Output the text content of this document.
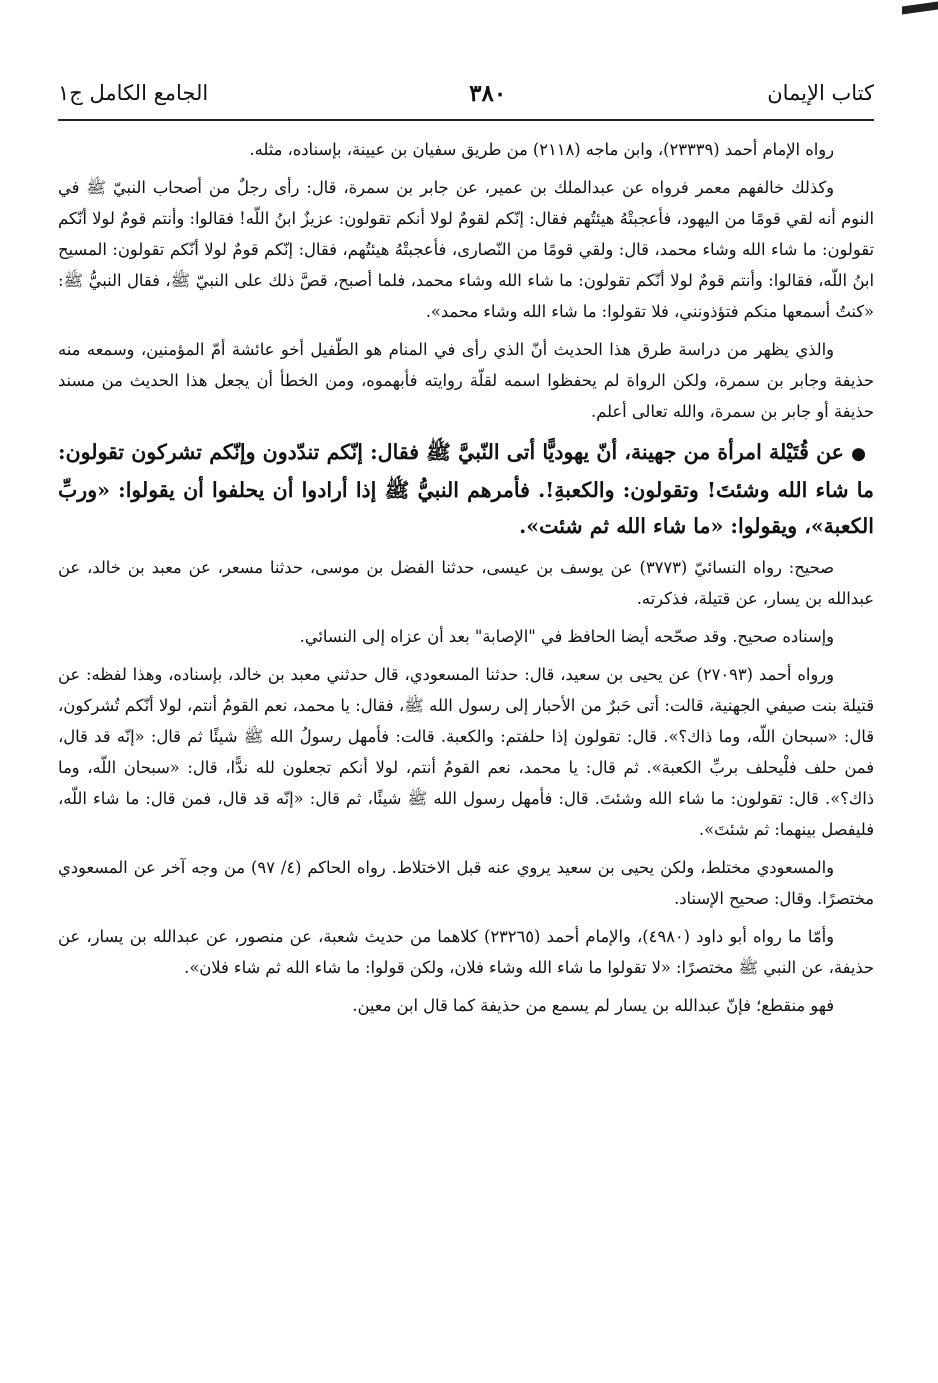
كتاب الإيمان
٣٨٠
الجامع الكامل ج١

رواه الإمام أحمد (٢٣٣٣٩)، وابن ماجه (٢١١٨) من طريق سفيان بن عيينة، بإسناده، مثله.

وكذلك خالفهم معمر فرواه عن عبدالملك بن عمير، عن جابر بن سمرة، قال: رأى رجلٌ من أصحاب النبيّ ﷺ في النوم أنه لقي قومًا من اليهود، فأعجبتْهُ هيئتُهم فقال: إنّكم لقومٌ لولا أنكم تقولون: عزيزٌ ابنُ اللّه! فقالوا: وأنتم قومٌ لولا أنّكم تقولون: ما شاء الله وشاء محمد، قال: ولقي قومًا من النّصارى، فأعجبتْهُ هيئتُهم، فقال: إنّكم قومٌ لولا أنّكم تقولون: المسيح ابنُ اللّه، فقالوا: وأنتم قومٌ لولا أنّكم تقولون: ما شاء الله وشاء محمد، فلما أصبح، قصَّ ذلك على النبيّ ﷺ، فقال النبيُّ ﷺ: «كنتُ أسمعها منكم فتؤذونني، فلا تقولوا: ما شاء الله وشاء محمد».

والذي يظهر من دراسة طرق هذا الحديث أنّ الذي رأى في المنام هو الطّفيل أخو عائشة أمّ المؤمنين، وسمعه منه حذيفة وجابر بن سمرة، ولكن الرواة لم يحفظوا اسمه لقلّة روايته فأبهموه، ومن الخطأ أن يجعل هذا الحديث من مسند حذيفة أو جابر بن سمرة، والله تعالى أعلم.

● عن قُتَيْلة امرأة من جهينة، أنّ يهوديًّا أتى النّبيَّ ﷺ فقال: إنّكم تندّدون وإنّكم تشركون تقولون: ما شاء الله وشئتَ! وتقولون: والكعبةِ!. فأمرهم النبيُّ ﷺ إذا أرادوا أن يحلفوا أن يقولوا: «وربِّ الكعبة»، ويقولوا: «ما شاء الله ثم شئت».

صحيح: رواه النسائيّ (٣٧٧٣) عن يوسف بن عيسى، حدثنا الفضل بن موسى، حدثنا مسعر، عن معبد بن خالد، عن عبدالله بن يسار، عن قتيلة، فذكرته.

وإسناده صحيح. وقد صحّحه أيضا الحافظ في "الإصابة" بعد أن عزاه إلى النسائي.

ورواه أحمد (٢٧٠٩٣) عن يحيى بن سعيد، قال: حدثنا المسعودي، قال حدثني معبد بن خالد، بإسناده، وهذا لفظه: عن قتيلة بنت صيفي الجهنية، قالت: أتى حَبرٌ من الأحبار إلى رسول الله ﷺ، فقال: يا محمد، نعم القومُ أنتم، لولا أنّكم تُشركون، قال: «سبحان اللّه، وما ذاك؟». قال: تقولون إذا حلفتم: والكعبة. قالت: فأمهل رسولُ الله ﷺ شيئًا ثم قال: «إنّه قد قال، فمن حلف فلْيحلف بربِّ الكعبة». ثم قال: يا محمد، نعم القومُ أنتم، لولا أنكم تجعلون لله ندًّا، قال: «سبحان اللّه، وما ذاك؟». قال: تقولون: ما شاء الله وشئتَ. قال: فأمهل رسول الله ﷺ شيئًا، ثم قال: «إنّه قد قال، فمن قال: ما شاء اللّه، فليفصل بينهما: ثم شئتَ».

والمسعودي مختلط، ولكن يحيى بن سعيد يروي عنه قبل الاختلاط. رواه الحاكم (٤/ ٩٧) من وجه آخر عن المسعودي مختصرًا. وقال: صحيح الإسناد.

وأمّا ما رواه أبو داود (٤٩٨٠)، والإمام أحمد (٢٣٢٦٥) كلاهما من حديث شعبة، عن منصور، عن عبدالله بن يسار، عن حذيفة، عن النبي ﷺ مختصرًا: «لا تقولوا ما شاء الله وشاء فلان، ولكن قولوا: ما شاء الله ثم شاء فلان».

فهو منقطع؛ فإنّ عبدالله بن يسار لم يسمع من حذيفة كما قال ابن معين.
